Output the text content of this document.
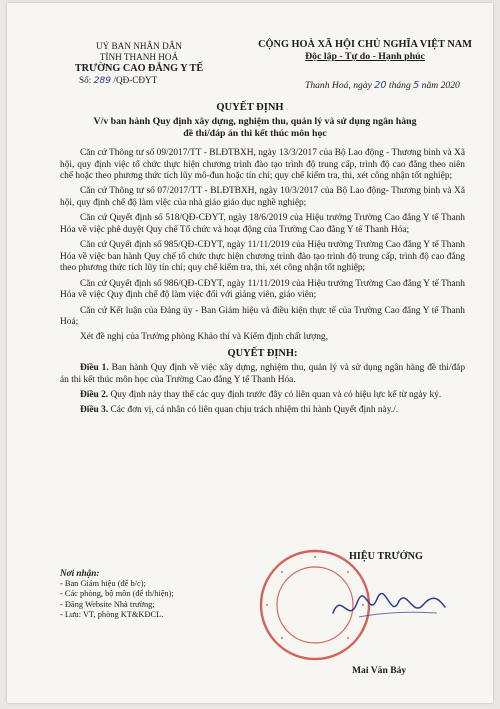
UỶ BAN NHÂN DÂN
TỈNH THANH HOÁ
TRƯỜNG CAO ĐẲNG Y TẾ
Số: 289 /QĐ-CĐYT
CỘNG HOÀ XÃ HỘI CHỦ NGHĨA VIỆT NAM
Độc lập - Tự do - Hạnh phúc
Thanh Hoá, ngày 20 tháng 5 năm 2020
QUYẾT ĐỊNH
V/v ban hành Quy định xây dựng, nghiệm thu, quản lý và sử dụng ngân hàng
đề thi/đáp án thi kết thúc môn học

Căn cứ Thông tư số 09/2017/TT - BLĐTBXH, ngày 13/3/2017 của Bộ Lao động - Thương binh và Xã hội, quy định việc tổ chức thực hiện chương trình đào tạo trình độ trung cấp, trình độ cao đẳng theo niên chế hoặc theo phương thức tích lũy mô-đun hoặc tín chỉ; quy chế kiểm tra, thi, xét công nhận tốt nghiệp;

Căn cứ Thông tư số 07/2017/TT - BLĐTBXH, ngày 10/3/2017 của Bộ Lao động- Thương binh và Xã hội, quy định chế độ làm việc của nhà giáo giáo dục nghề nghiệp;

Căn cứ Quyết định số 518/QĐ-CĐYT, ngày 18/6/2019 của Hiệu trưởng Trường Cao đẳng Y tế Thanh Hóa về việc phê duyệt Quy chế Tổ chức và hoạt động của Trường Cao đẳng Y tế Thanh Hóa;

Căn cứ Quyết định số 985/QĐ-CĐYT, ngày 11/11/2019 của Hiệu trưởng Trường Cao đẳng Y tế Thanh Hóa về việc ban hành Quy chế tổ chức thực hiện chương trình đào tạo trình độ trung cấp, trình độ cao đẳng theo phương thức tích lũy tín chỉ; quy chế kiểm tra, thi, xét công nhận tốt nghiệp;

Căn cứ Quyết định số 986/QĐ-CĐYT, ngày 11/11/2019 của Hiệu trưởng Trường Cao đẳng Y tế Thanh Hóa về việc Quy định chế độ làm việc đối với giảng viên, giáo viên;

Căn cứ Kết luận của Đảng ủy - Ban Giám hiệu và điều kiện thực tế của Trường Cao đẳng Y tế Thanh Hoá;

Xét đề nghị của Trưởng phòng Khảo thí và Kiểm định chất lượng,

QUYẾT ĐỊNH:

Điều 1. Ban hành Quy định về việc xây dựng, nghiệm thu, quản lý và sử dụng ngân hàng đề thi/đáp án thi kết thúc môn học của Trường Cao đẳng Y tế Thanh Hóa.

Điều 2. Quy định này thay thế các quy định trước đây có liên quan và có hiệu lực kể từ ngày ký.

Điều 3. Các đơn vị, cá nhân có liên quan chịu trách nhiệm thi hành Quyết định này./.

Nơi nhận:
- Ban Giám hiệu (để b/c);
- Các phòng, bộ môn (để th/hiện);
- Đăng Website Nhà trường;
- Lưu: VT, phòng KT&KĐCL.
HIỆU TRƯỞNG
Mai Văn Bảy
